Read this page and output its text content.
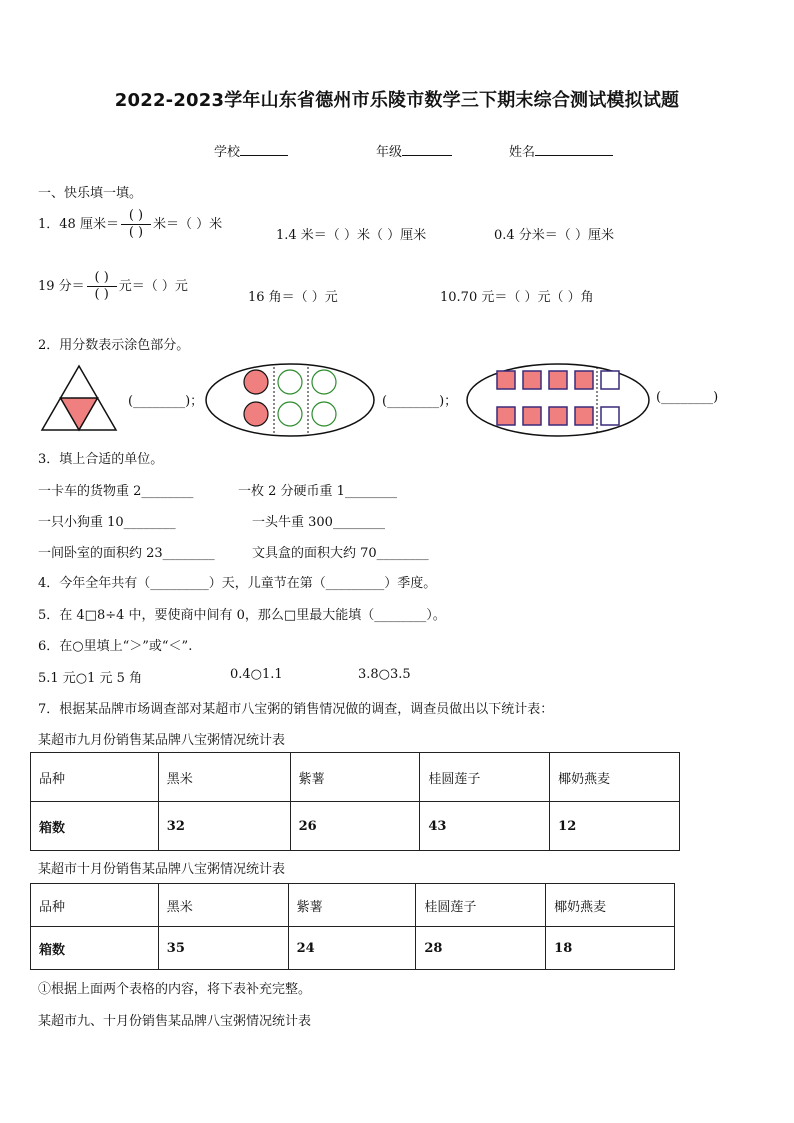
2022-2023学年山东省德州市乐陵市数学三下期末综合测试模拟试题
学校	年级	姓名
一、快乐填一填。
1．48 厘米＝ $\frac{( )}{( )}$ 米＝（ ）米
1.4 米＝（ ）米（ ）厘米	0.4 分米＝（ ）厘米
19 分＝ $\frac{( )}{( )}$ 元＝（ ）元
16 角＝（ ）元	10.70 元＝（ ）元（ ）角
2．用分数表示涂色部分。
(________)；	(________)；	(________)
3．填上合适的单位。
一卡车的货物重 2________	一枚 2 分硬币重 1________
一只小狗重 10________	一头牛重 300________
一间卧室的面积约 23________	文具盒的面积大约 70________
4．今年全年共有（_________）天，儿童节在第（_________）季度。
5．在 4□8÷4 中，要使商中间有 0，那么□里最大能填（________）。
6．在○里填上“＞”或“＜”.
5.1 元○1 元 5 角	0.4○1.1	3.8○3.5
7．根据某品牌市场调查部对某超市八宝粥的销售情况做的调查，调查员做出以下统计表：
某超市九月份销售某品牌八宝粥情况统计表
品种	黑米	紫薯	桂圆莲子	椰奶燕麦
箱数	32	26	43	12
某超市十月份销售某品牌八宝粥情况统计表
品种	黑米	紫薯	桂圆莲子	椰奶燕麦
箱数	35	24	28	18
①根据上面两个表格的内容，将下表补充完整。
某超市九、十月份销售某品牌八宝粥情况统计表
